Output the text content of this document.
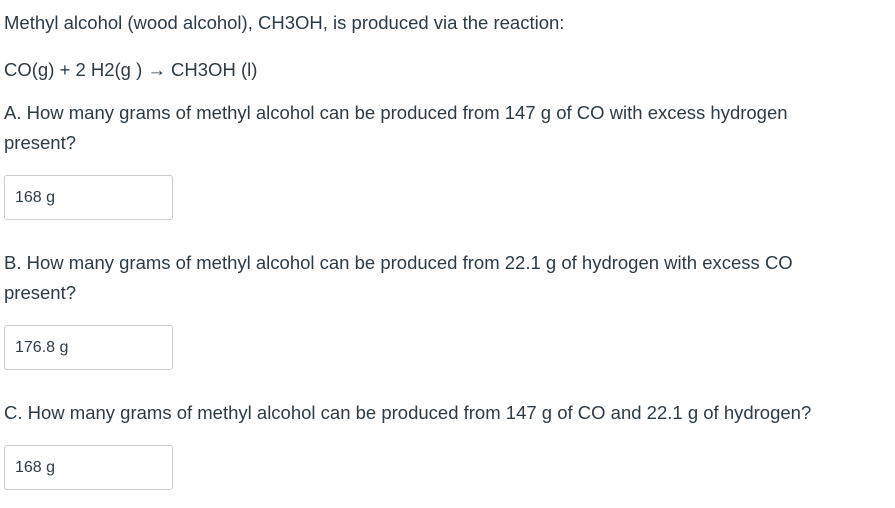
Methyl alcohol (wood alcohol), CH3OH, is produced via the reaction:
CO(g) + 2 H2(g ) → CH3OH (l)
A. How many grams of methyl alcohol can be produced from 147 g of CO with excess hydrogen
present?
168 g
B. How many grams of methyl alcohol can be produced from 22.1 g of hydrogen with excess CO
present?
176.8 g
C. How many grams of methyl alcohol can be produced from 147 g of CO and 22.1 g of hydrogen?
168 g
